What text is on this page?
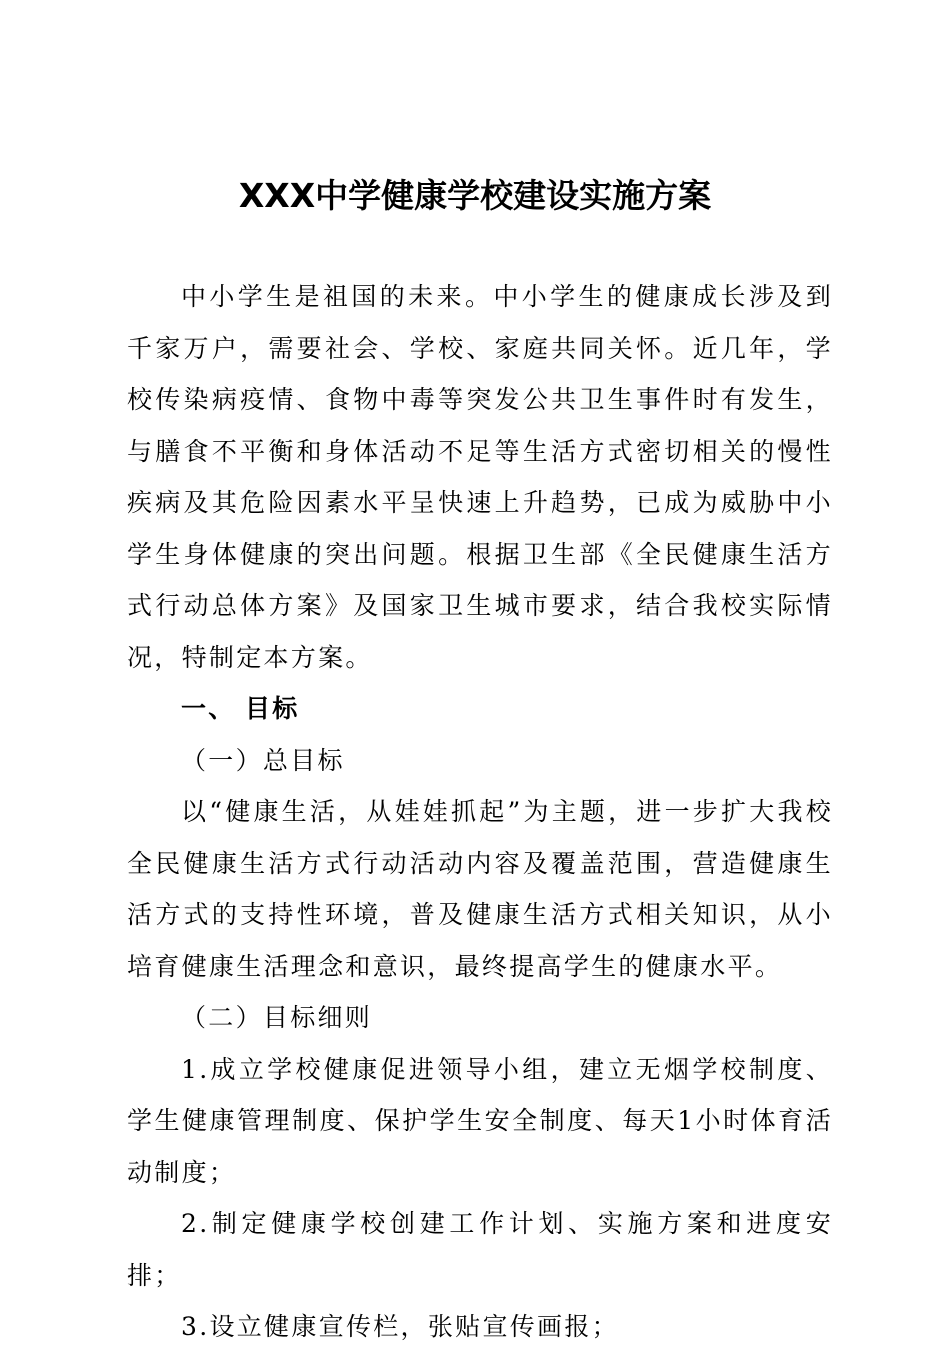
XXX中学健康学校建设实施方案

中小学生是祖国的未来。中小学生的健康成长涉及到千家万户，需要社会、学校、家庭共同关怀。近几年，学校传染病疫情、食物中毒等突发公共卫生事件时有发生，与膳食不平衡和身体活动不足等生活方式密切相关的慢性疾病及其危险因素水平呈快速上升趋势，已成为威胁中小学生身体健康的突出问题。根据卫生部《全民健康生活方式行动总体方案》及国家卫生城市要求，结合我校实际情况，特制定本方案。

一、 目标

（一）总目标

以“健康生活，从娃娃抓起”为主题，进一步扩大我校全民健康生活方式行动活动内容及覆盖范围，营造健康生活方式的支持性环境，普及健康生活方式相关知识，从小培育健康生活理念和意识，最终提高学生的健康水平。

（二）目标细则

1.成立学校健康促进领导小组，建立无烟学校制度、学生健康管理制度、保护学生安全制度、每天1小时体育活动制度；

2.制定健康学校创建工作计划、实施方案和进度安排；

3.设立健康宣传栏，张贴宣传画报；
